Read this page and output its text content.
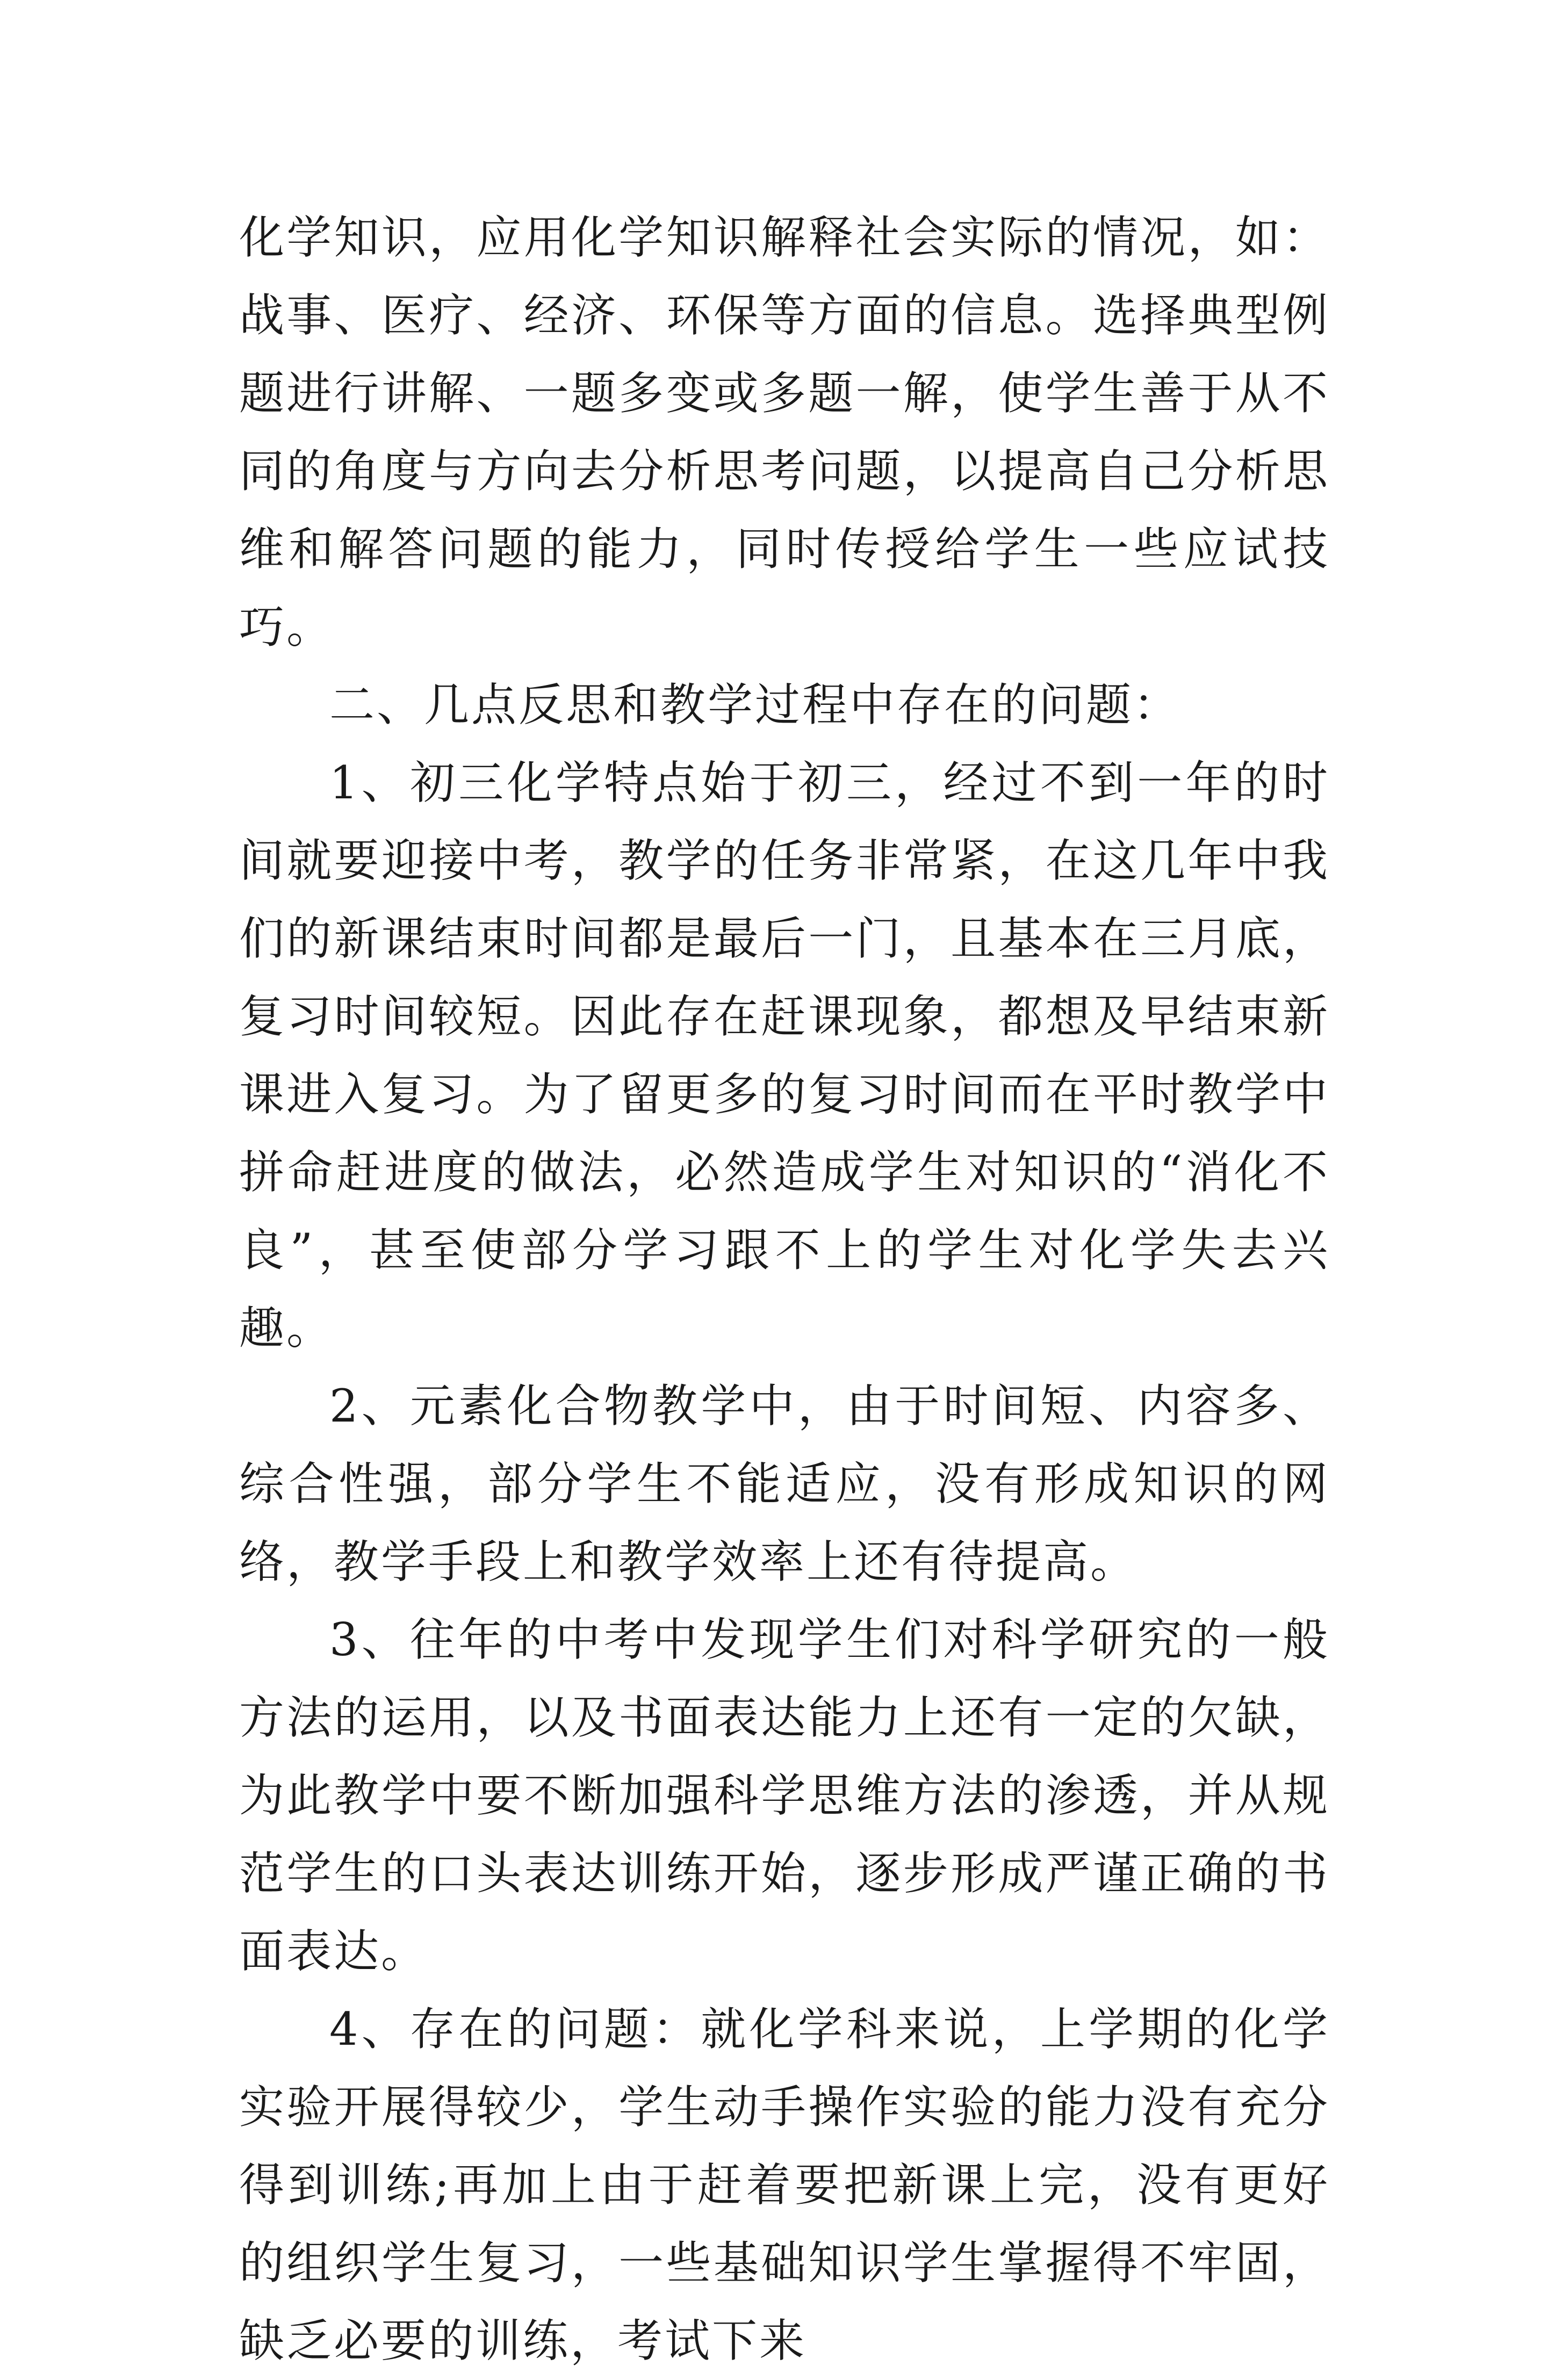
化学知识，应用化学知识解释社会实际的情况，如：战事、医疗、经济、环保等方面的信息。选择典型例题进行讲解、一题多变或多题一解，使学生善于从不同的角度与方向去分析思考问题，以提高自己分析思维和解答问题的能力，同时传授给学生一些应试技巧。

二、几点反思和教学过程中存在的问题：

1、初三化学特点始于初三，经过不到一年的时间就要迎接中考，教学的任务非常紧，在这几年中我们的新课结束时间都是最后一门，且基本在三月底，复习时间较短。因此存在赶课现象，都想及早结束新课进入复习。为了留更多的复习时间而在平时教学中拼命赶进度的做法，必然造成学生对知识的“消化不良”，甚至使部分学习跟不上的学生对化学失去兴趣。

2、元素化合物教学中，由于时间短、内容多、综合性强，部分学生不能适应，没有形成知识的网络，教学手段上和教学效率上还有待提高。

3、往年的中考中发现学生们对科学研究的一般方法的运用，以及书面表达能力上还有一定的欠缺，为此教学中要不断加强科学思维方法的渗透，并从规范学生的口头表达训练开始，逐步形成严谨正确的书面表达。

4、存在的问题：就化学科来说，上学期的化学实验开展得较少，学生动手操作实验的能力没有充分得到训练;再加上由于赶着要把新课上完，没有更好的组织学生复习，一些基础知识学生掌握得不牢固，缺乏必要的训练，考试下来
